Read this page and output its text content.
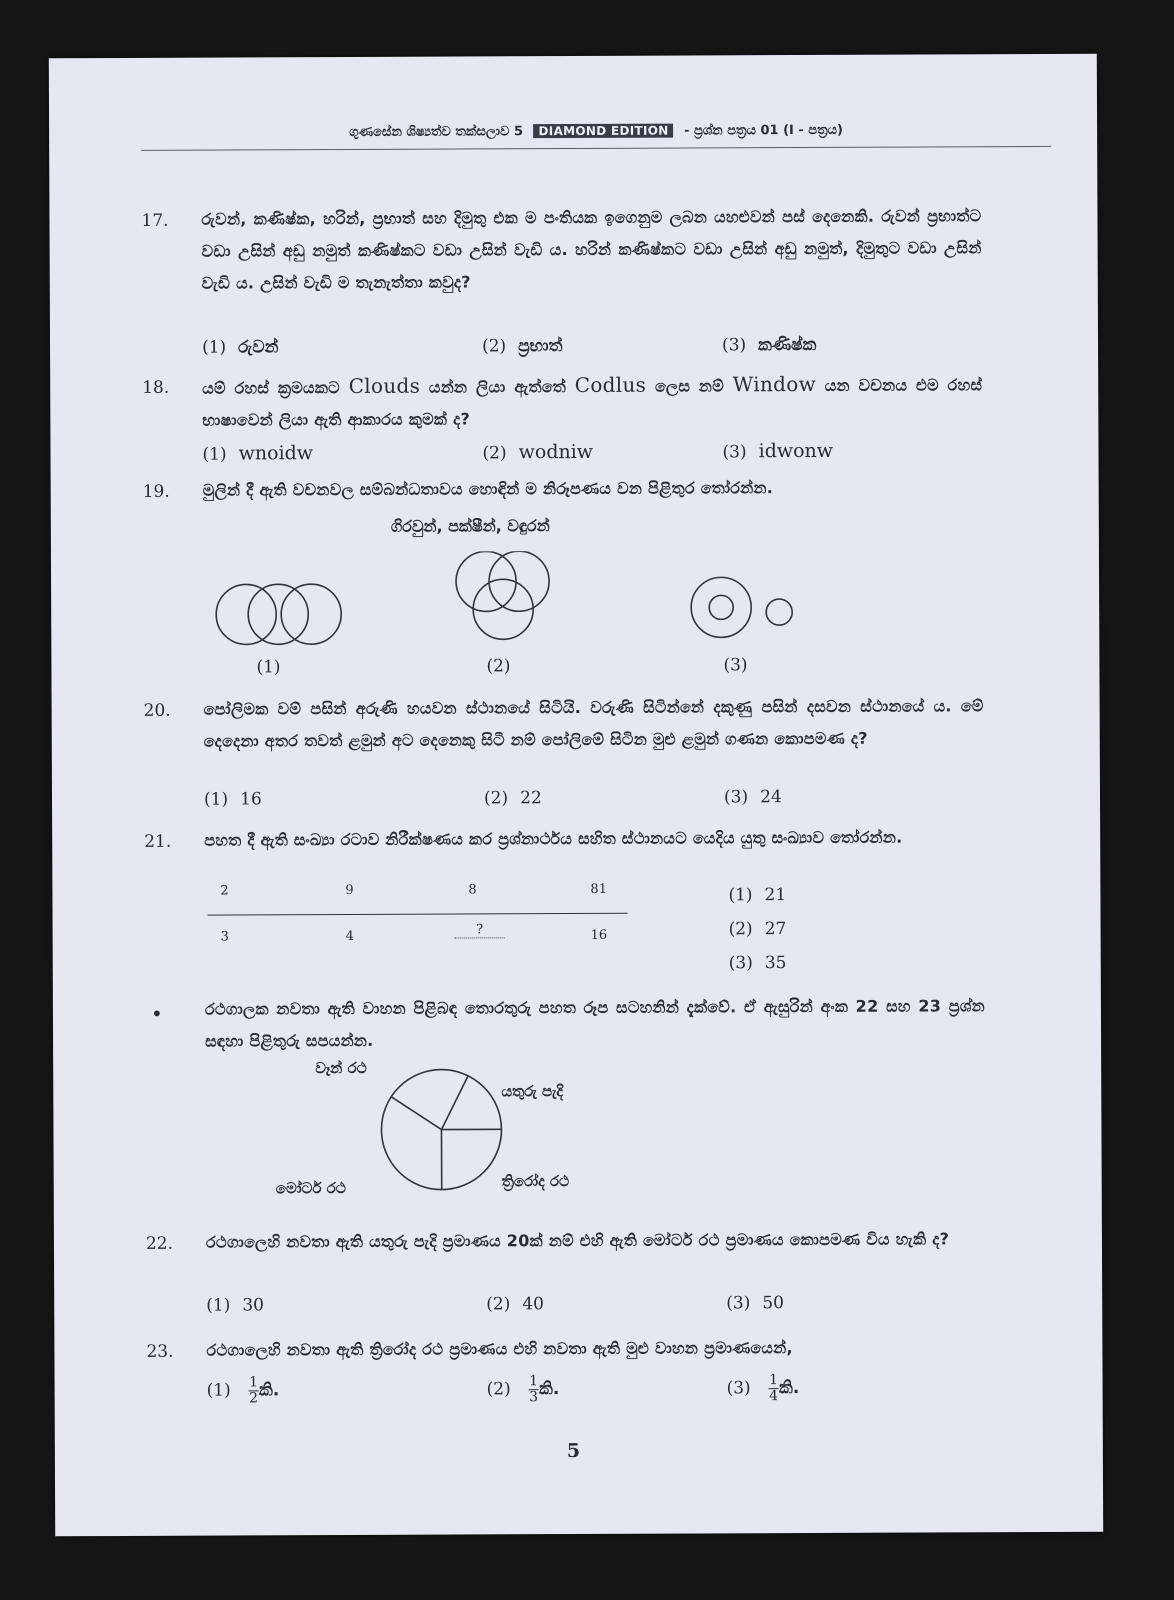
ගුණසේන ශිෂ්‍යත්ව තක්සලාව 5 DIAMOND EDITION - ප්‍රශ්න පත්‍රය 01 (I - පත්‍රය)
17. රුවන්, කණිෂ්ක, හරින්, ප්‍රභාත් සහ දිමුතු එක ම පංතියක ඉගෙනුම ලබන යහළුවන් පස් දෙනෙකි. රුවන් ප්‍රභාත්ට වඩා උසින් අඩු නමුත් කණිෂ්කට වඩා උසින් වැඩි ය. හරින් කණිෂ්කට වඩා උසින් අඩු නමුත්, දිමුතුට වඩා උසින් වැඩි ය. උසින් වැඩි ම තැනැත්තා කවුද?
(1) රුවන්	(2) ප්‍රභාත්	(3) කණිෂ්ක
18. යම් රහස් ක්‍රමයකට Clouds යන්න ලියා ඇත්තේ Codlus ලෙස නම් Window යන වචනය එම රහස් භාෂාවෙන් ලියා ඇති ආකාරය කුමක් ද?
(1) wnoidw	(2) wodniw	(3) idwonw
19. මුලින් දී ඇති වචනවල සම්බන්ධතාවය හොඳින් ම නිරූපණය වන පිළිතුර තෝරන්න.
ගිරවුන්, පක්ෂීන්, වඳුරන්
(1)	(2)	(3)
20. පෝලිමක වම් පසින් අරුණි හයවන ස්ථානයේ සිටියි. වරුණි සිටින්නේ දකුණු පසින් දසවන ස්ථානයේ ය. මේ දෙදෙනා අතර තවත් ළමුන් අට දෙනෙකු සිටි නම් පෝලිමේ සිටින මුළු ළමුන් ගණන කොපමණ ද?
(1) 16	(2) 22	(3) 24
21. පහත දී ඇති සංඛ්‍යා රටාව නිරීක්ෂණය කර ප්‍රශ්නාර්ථය සහිත ස්ථානයට යෙදිය යුතු සංඛ්‍යාව තෝරන්න.
2	9	8	81
3	4	?	16
(1) 21
(2) 27
(3) 35
•	රථගාලක නවතා ඇති වාහන පිළිබඳ තොරතුරු පහත රූප සටහනින් දැක්වේ. ඒ ඇසුරින් අංක 22 සහ 23 ප්‍රශ්න සඳහා පිළිතුරු සපයන්න.
වෑන් රථ
යතුරු පැදි
මෝටර් රථ	ත්‍රිරෝද රථ
22. රථගාලෙහි නවතා ඇති යතුරු පැදි ප්‍රමාණය 20ක් නම් එහි ඇති මෝටර් රථ ප්‍රමාණය කොපමණ විය හැකි ද?
(1) 30	(2) 40	(3) 50
23. රථගාලෙහි නවතා ඇති ත්‍රිරෝද රථ ප්‍රමාණය එහි නවතා ඇති මුළු වාහන ප්‍රමාණයෙන්,
$(1) \frac{1}{2}$ කි.	$(2) \frac{1}{3}$ කි.	$(3) \frac{1}{4}$ කි.
5
